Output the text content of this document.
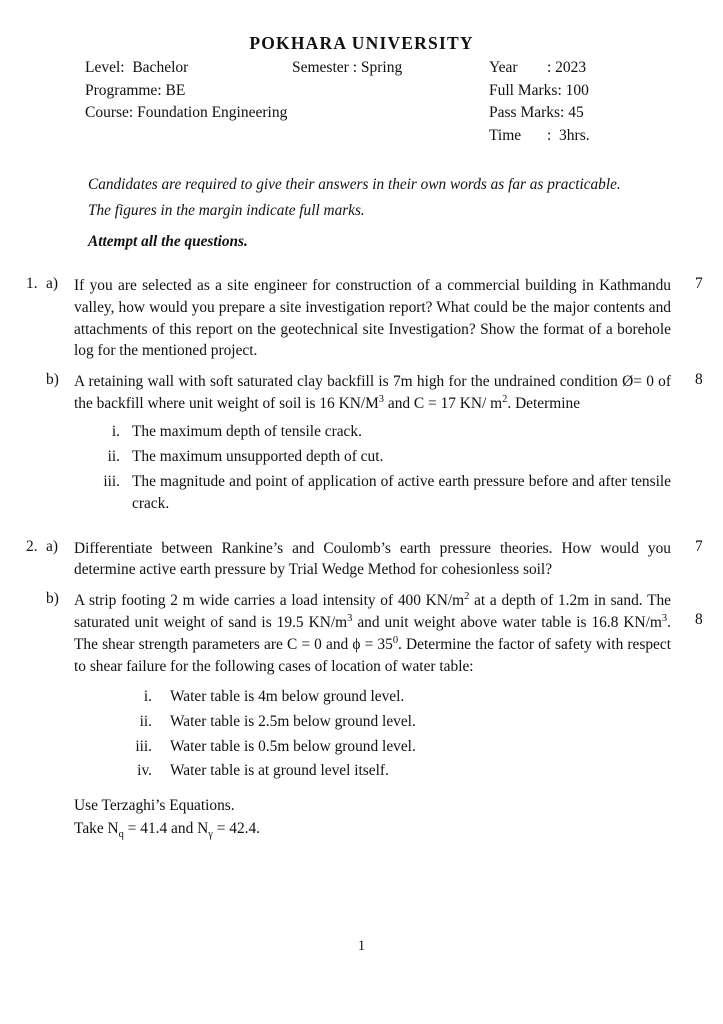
POKHARA UNIVERSITY
Level: Bachelor	Semester : Spring	Year : 2023
Programme: BE	Full Marks: 100
Course: Foundation Engineering	Pass Marks: 45
Time :  3hrs.

Candidates are required to give their answers in their own words as far as practicable.

The figures in the margin indicate full marks.

Attempt all the questions.

1. a)	If you are selected as a site engineer for construction of a commercial building in Kathmandu valley, how would you prepare a site investigation report? What could be the major contents and attachments of this report on the geotechnical site Investigation? Show the format of a borehole log for the mentioned project.

7
b) A retaining wall with soft saturated clay backfill is 7m high for the undrained condition Ø= 0 of the backfill where unit weight of soil is 16 $KN/M^3$ and C = 17 KN/ $m^2$. Determine

i. The maximum depth of tensile crack.
ii. The maximum unsupported depth of cut.
iii. The magnitude and point of application of active earth pressure before and after tensile crack.
8
2. a)	Differentiate between Rankine’s and Coulomb’s earth pressure theories. How would you determine active earth pressure by Trial Wedge Method for cohesionless soil?

7
b) A strip footing 2 m wide carries a load intensity of 400 $KN/m^2$ at a depth of 1.2m in sand. The saturated unit weight of sand is 19.5 $KN/m^3$ and unit weight above water table is 16.8 $KN/m^3$. The shear strength parameters are C = 0 and $\phi = 35^0$. Determine the factor of safety with respect to shear failure for the following cases of location of water table:

i.	Water table is 4m below ground level.
ii.	Water table is 2.5m below ground level.
iii.	Water table is 0.5m below ground level.
iv.	Water table is at ground level itself.

Use Terzaghi’s Equations.

Take $N_q = 41.4$ and $N_\gamma = 42.4$.

8
1
